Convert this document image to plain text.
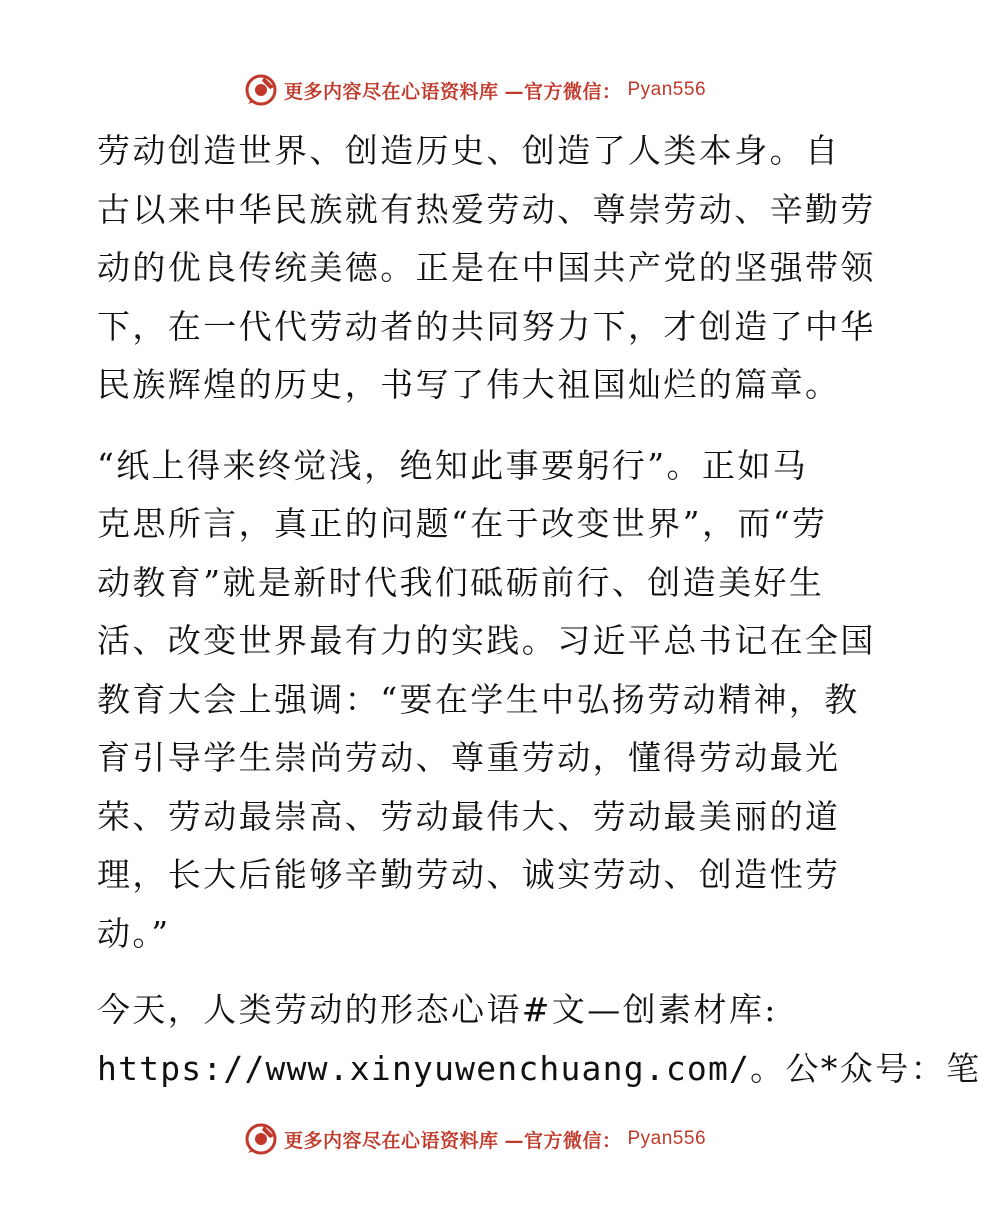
更多内容尽在心语资料库 —官方微信： Pyan556

劳动创造世界、创造历史、创造了人类本身。自
古以来中华民族就有热爱劳动、尊崇劳动、辛勤劳
动的优良传统美德。正是在中国共产党的坚强带领
下，在一代代劳动者的共同努力下，才创造了中华
民族辉煌的历史，书写了伟大祖国灿烂的篇章。

“纸上得来终觉浅，绝知此事要躬行”。正如马
克思所言，真正的问题“在于改变世界”，而“劳
动教育”就是新时代我们砥砺前行、创造美好生
活、改变世界最有力的实践。习近平总书记在全国
教育大会上强调：“要在学生中弘扬劳动精神，教
育引导学生崇尚劳动、尊重劳动，懂得劳动最光
荣、劳动最崇高、劳动最伟大、劳动最美丽的道
理，长大后能够辛勤劳动、诚实劳动、创造性劳
动。”

今天，人类劳动的形态心语#文—创素材库:
https://www.xinyuwenchuang.com/。公*众号：笔

更多内容尽在心语资料库 —官方微信： Pyan556
